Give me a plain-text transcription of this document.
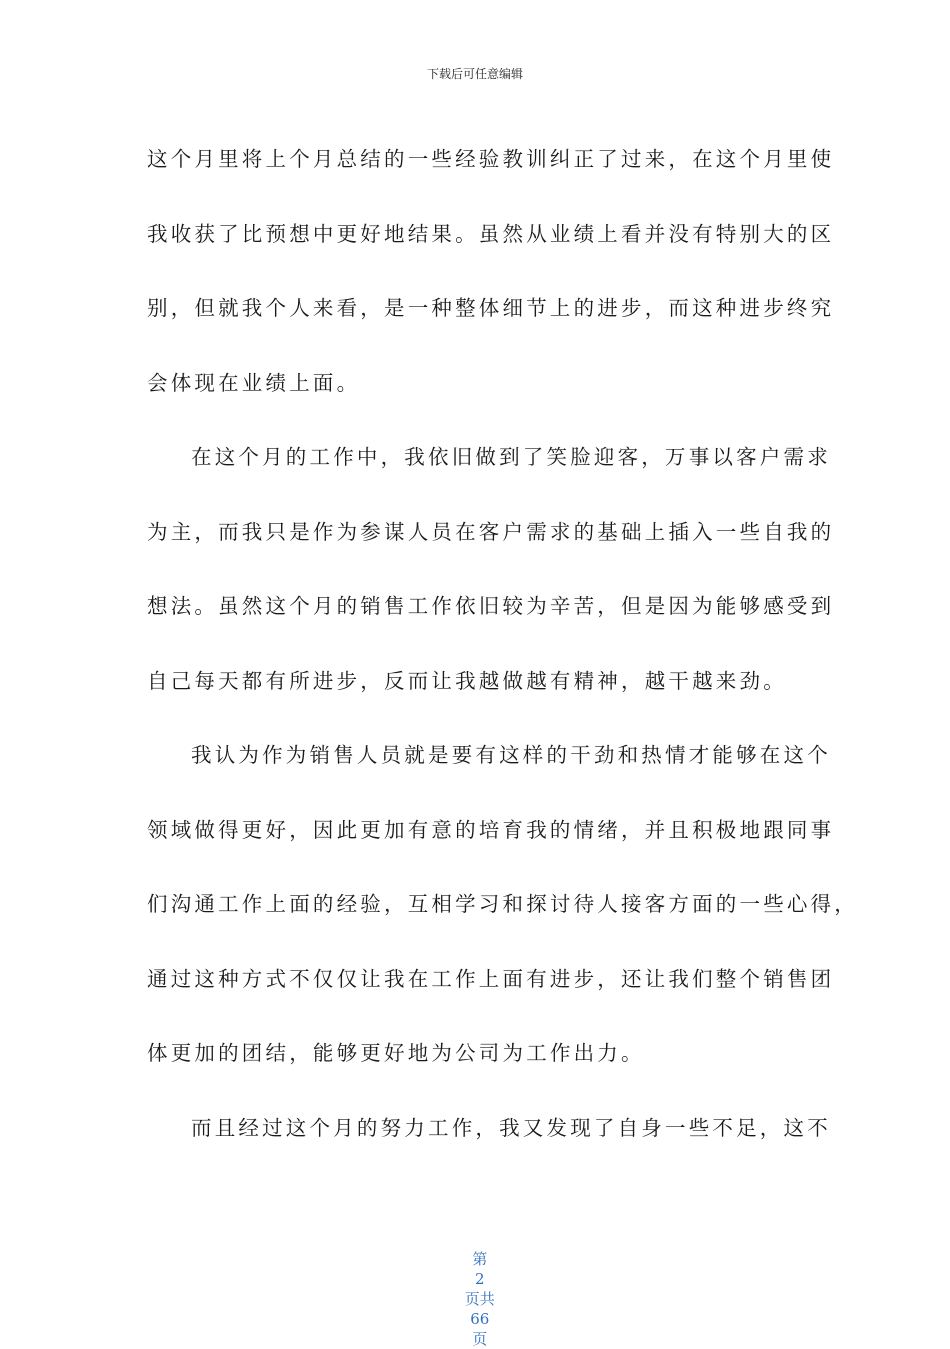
下载后可任意编辑
这个月里将上个月总结的一些经验教训纠正了过来，在这个月里使
我收获了比预想中更好地结果。虽然从业绩上看并没有特别大的区
别，但就我个人来看，是一种整体细节上的进步，而这种进步终究
会体现在业绩上面。
在这个月的工作中，我依旧做到了笑脸迎客，万事以客户需求
为主，而我只是作为参谋人员在客户需求的基础上插入一些自我的
想法。虽然这个月的销售工作依旧较为辛苦，但是因为能够感受到
自己每天都有所进步，反而让我越做越有精神，越干越来劲。
我认为作为销售人员就是要有这样的干劲和热情才能够在这个
领域做得更好，因此更加有意的培育我的情绪，并且积极地跟同事
们沟通工作上面的经验，互相学习和探讨待人接客方面的一些心得，
通过这种方式不仅仅让我在工作上面有进步，还让我们整个销售团
体更加的团结，能够更好地为公司为工作出力。
而且经过这个月的努力工作，我又发现了自身一些不足，这不

第
2
页共
66
页
